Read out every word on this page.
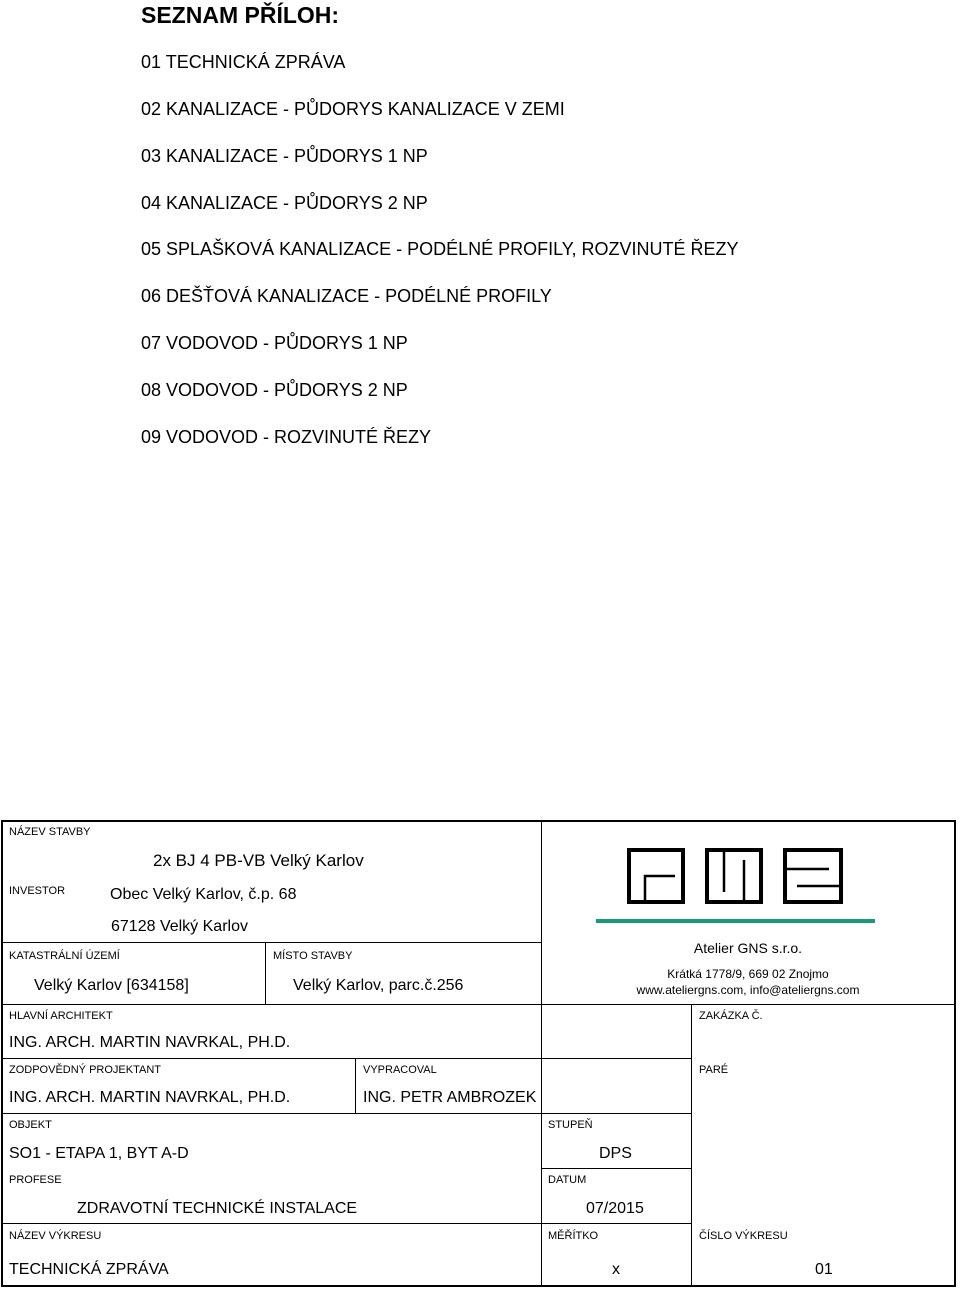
SEZNAM PŘÍLOH:
01 TECHNICKÁ ZPRÁVA
02 KANALIZACE - PŮDORYS KANALIZACE V ZEMI
03 KANALIZACE - PŮDORYS 1 NP
04 KANALIZACE - PŮDORYS 2 NP
05 SPLAŠKOVÁ KANALIZACE - PODÉLNÉ PROFILY, ROZVINUTÉ ŘEZY
06 DEŠŤOVÁ KANALIZACE - PODÉLNÉ PROFILY
07 VODOVOD - PŮDORYS 1 NP
08 VODOVOD - PŮDORYS 2 NP
09 VODOVOD - ROZVINUTÉ ŘEZY
NÁZEV STAVBY
2x BJ 4 PB-VB Velký Karlov
INVESTOR	Obec Velký Karlov, č.p. 68
67128 Velký Karlov
KATASTRÁLNÍ ÚZEMÍ
Velký Karlov [634158]
MÍSTO STAVBY
Velký Karlov, parc.č.256
HLAVNÍ ARCHITEKT
ING. ARCH. MARTIN NAVRKAL, PH.D.
ZAKÁZKA Č.
ZODPOVĚDNÝ PROJEKTANT
ING. ARCH. MARTIN NAVRKAL, PH.D.
VYPRACOVAL
ING. PETR AMBROZEK
PARÉ
OBJEKT
SO1 - ETAPA 1, BYT A-D
STUPEŇ
DPS
PROFESE
ZDRAVOTNÍ TECHNICKÉ INSTALACE
DATUM
07/2015
NÁZEV VÝKRESU
TECHNICKÁ ZPRÁVA
MĚŘÍTKO
x
ČÍSLO VÝKRESU
01
Atelier GNS s.r.o.
Krátká 1778/9, 669 02 Znojmo
www.ateliergns.com, info@ateliergns.com
